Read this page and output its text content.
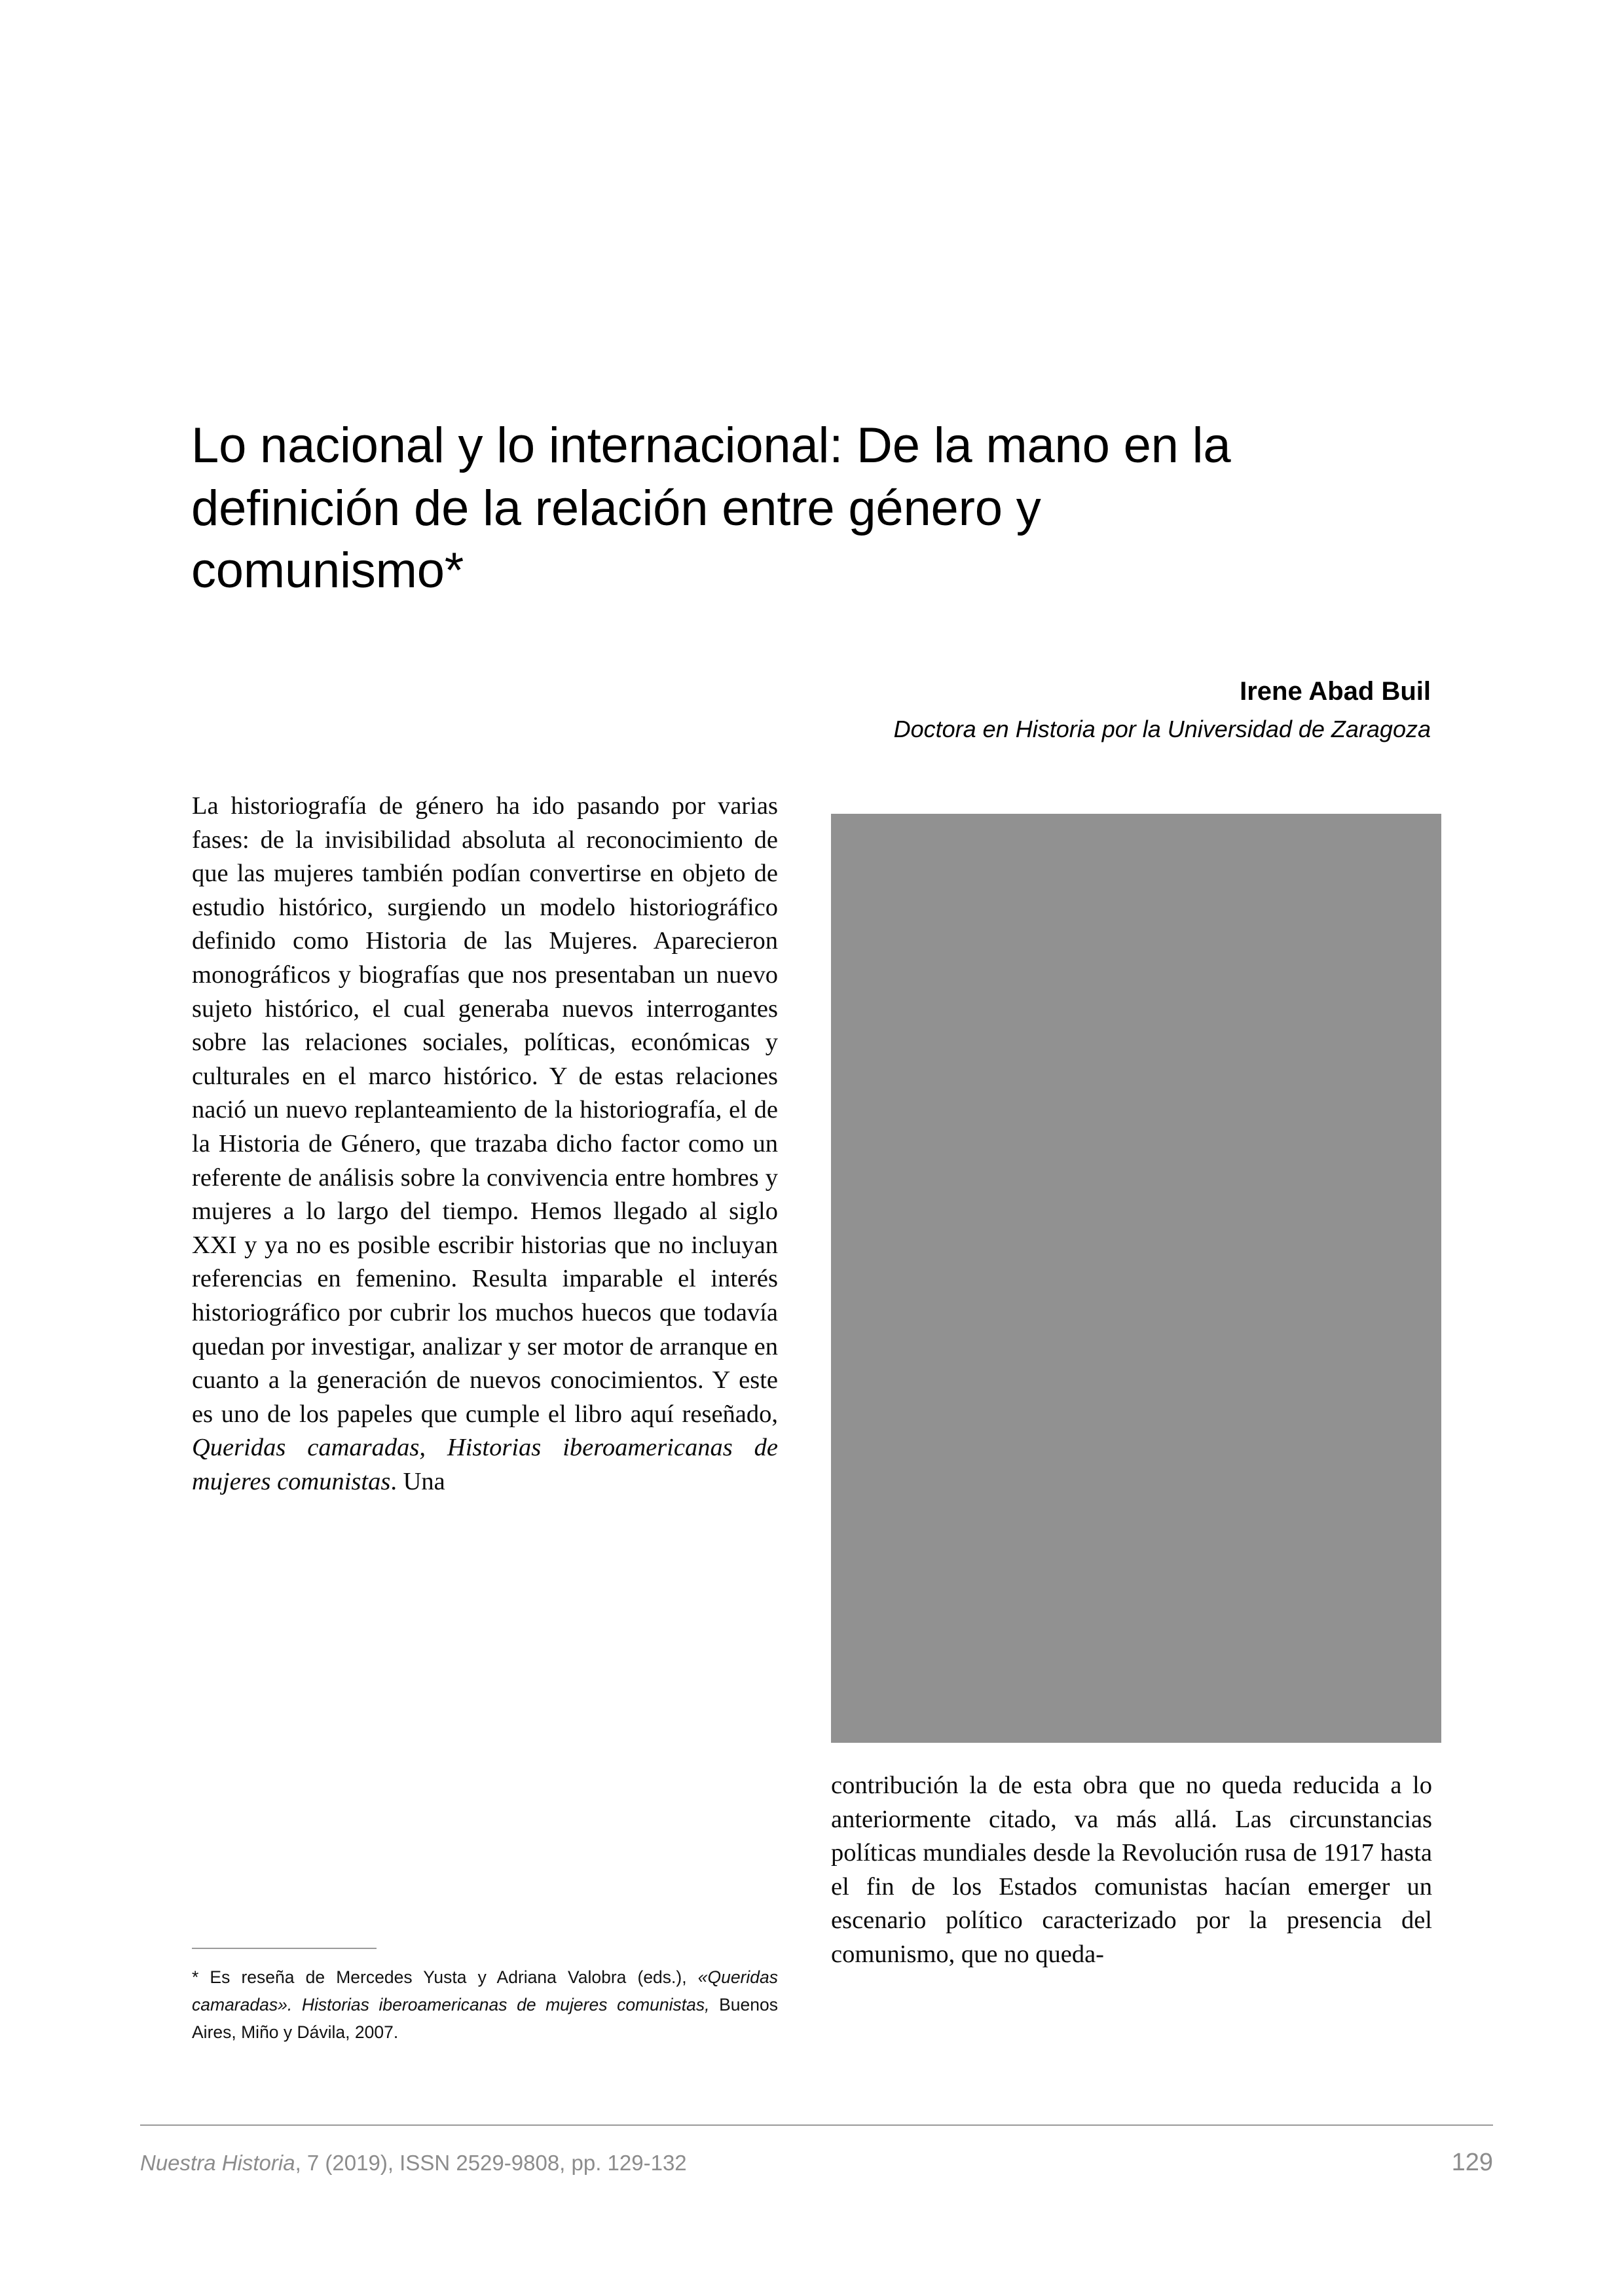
Lo nacional y lo internacional: De la mano en la definición de la relación entre género y comunismo*
Irene Abad Buil
Doctora en Historia por la Universidad de Zaragoza

La historiografía de género ha ido pasando por varias fases: de la invisibilidad absoluta al reconocimiento de que las mujeres también podían convertirse en objeto de estudio histórico, surgiendo un modelo historiográfico definido como Historia de las Mujeres. Aparecieron monográficos y biografías que nos presentaban un nuevo sujeto histórico, el cual generaba nuevos interrogantes sobre las relaciones sociales, políticas, económicas y culturales en el marco histórico. Y de estas relaciones nació un nuevo replanteamiento de la historiografía, el de la Historia de Género, que trazaba dicho factor como un referente de análisis sobre la convivencia entre hombres y mujeres a lo largo del tiempo. Hemos llegado al siglo XXI y ya no es posible escribir historias que no incluyan referencias en femenino. Resulta imparable el interés historiográfico por cubrir los muchos huecos que todavía quedan por investigar, analizar y ser motor de arranque en cuanto a la generación de nuevos conocimientos. Y este es uno de los papeles que cumple el libro aquí reseñado, Queridas camaradas, Historias iberoamericanas de mujeres comunistas. Una

contribución la de esta obra que no queda reducida a lo anteriormente citado, va más allá. Las circunstancias políticas mundiales desde la Revolución rusa de 1917 hasta el fin de los Estados comunistas hacían emerger un escenario político caracterizado por la presencia del comunismo, que no queda-

* Es reseña de Mercedes Yusta y Adriana Valobra (eds.), «Queridas camaradas». Historias iberoamericanas de mujeres comunistas, Buenos Aires, Miño y Dávila, 2007.
Nuestra Historia, 7 (2019), ISSN 2529-9808, pp. 129-132	129
